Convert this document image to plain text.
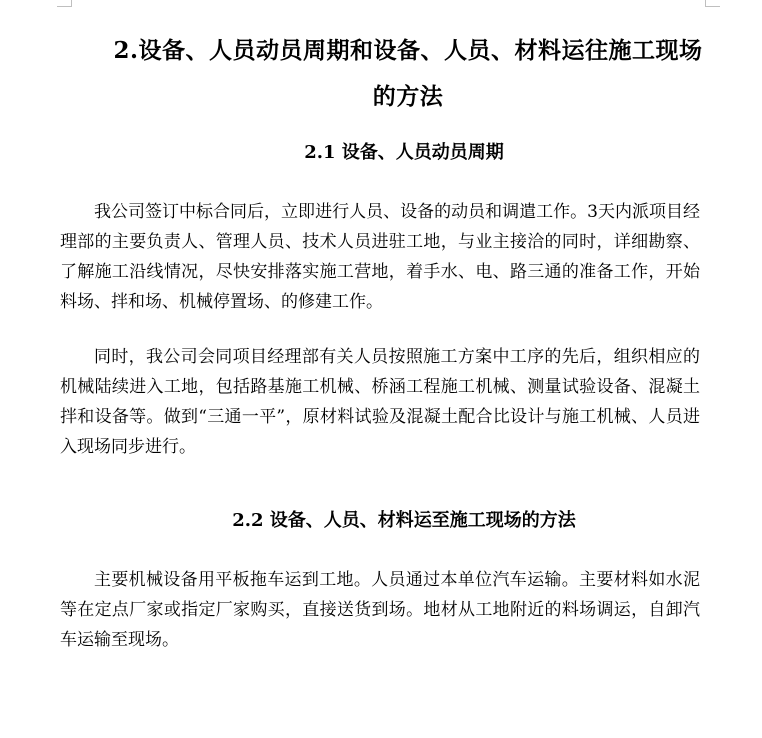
2.设备、人员动员周期和设备、人员、材料运往施工现场的方法
2.1 设备、人员动员周期

我公司签订中标合同后，立即进行人员、设备的动员和调遣工作。3天内派项目经理部的主要负责人、管理人员、技术人员进驻工地，与业主接洽的同时，详细勘察、了解施工沿线情况，尽快安排落实施工营地，着手水、电、路三通的准备工作，开始料场、拌和场、机械停置场、的修建工作。

同时，我公司会同项目经理部有关人员按照施工方案中工序的先后，组织相应的机械陆续进入工地，包括路基施工机械、桥涵工程施工机械、测量试验设备、混凝土拌和设备等。做到“三通一平”，原材料试验及混凝土配合比设计与施工机械、人员进入现场同步进行。

2.2 设备、人员、材料运至施工现场的方法

主要机械设备用平板拖车运到工地。人员通过本单位汽车运输。主要材料如水泥等在定点厂家或指定厂家购买，直接送货到场。地材从工地附近的料场调运，自卸汽车运输至现场。
